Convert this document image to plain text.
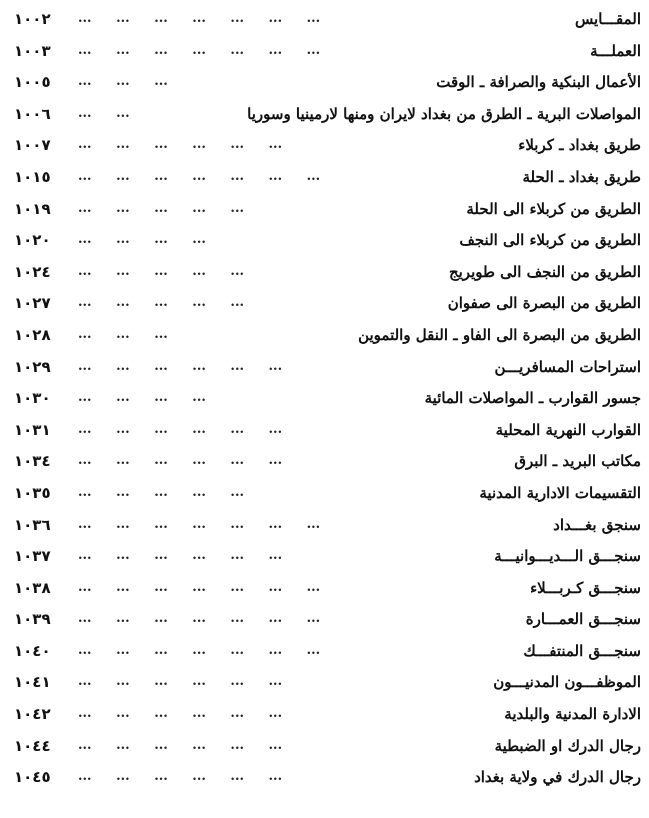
المقـــايس
... ... ... ... ... ... ...
١٠٠٢
العملـــة
... ... ... ... ... ... ...
١٠٠٣
الأعمال البنكية والصرافة ـ الوقت
... ... ...
١٠٠٥
المواصلات البرية ـ الطرق من بغداد لايران ومنها لارمينيا وسوريا
... ...
١٠٠٦
طريق بغداد ـ كربلاء
... ... ... ... ... ...
١٠٠٧
طريق بغداد ـ الحلة
... ... ... ... ... ... ...
١٠١٥
الطريق من كربلاء الى الحلة
... ... ... ... ...
١٠١٩
الطريق من كربلاء الى النجف
... ... ... ...
١٠٢٠
الطريق من النجف الى طويريج
... ... ... ... ...
١٠٢٤
الطريق من البصرة الى صفوان
... ... ... ... ...
١٠٢٧
الطريق من البصرة الى الفاو ـ النقل والتموين
... ... ...
١٠٢٨
استراحات المسافريـــن
... ... ... ... ... ...
١٠٢٩
جسور القوارب ـ المواصلات المائية
... ... ... ...
١٠٣٠
القوارب النهرية المحلية
... ... ... ... ... ...
١٠٣١
مكاتب البريد ـ البرق
... ... ... ... ... ...
١٠٣٤
التقسيمات الادارية المدنية
... ... ... ... ...
١٠٣٥
سنجق بغـــداد
... ... ... ... ... ... ...
١٠٣٦
سنجـــق الـــديـــوانيـــة
... ... ... ... ... ...
١٠٣٧
سنجـــق كـربـــلاء
... ... ... ... ... ... ...
١٠٣٨
سنجـــق العمـــارة
... ... ... ... ... ... ...
١٠٣٩
سنجـــق المنتفـــك
... ... ... ... ... ... ...
١٠٤٠
الموظفـــون المدنيـــون
... ... ... ... ... ...
١٠٤١
الادارة المدنية والبلدية
... ... ... ... ... ...
١٠٤٢
رجال الدرك او الضبطية
... ... ... ... ... ...
١٠٤٤
رجال الدرك في ولاية بغداد
... ... ... ... ... ...
١٠٤٥
